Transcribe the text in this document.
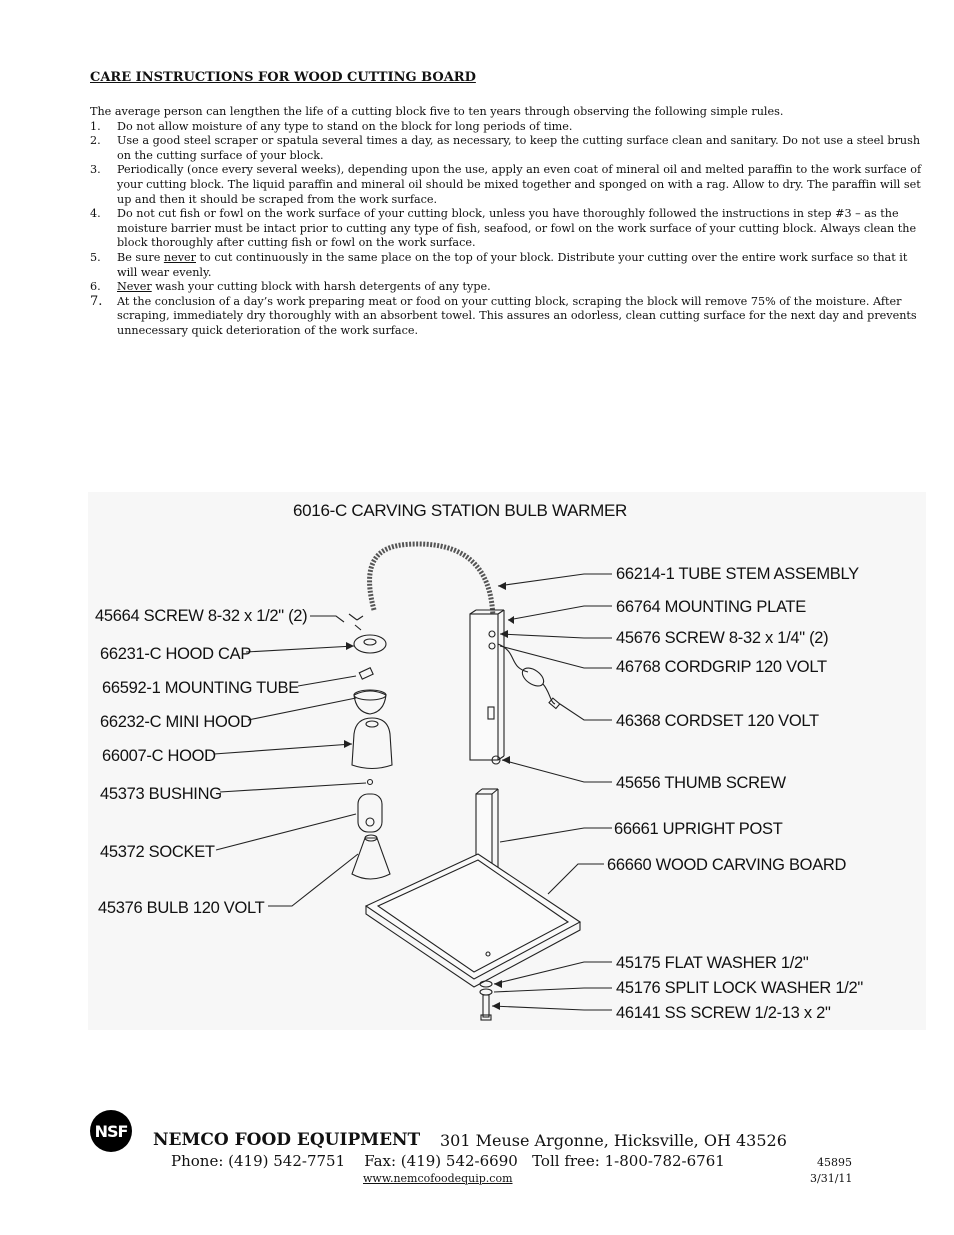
CARE INSTRUCTIONS FOR WOOD CUTTING BOARD

The average person can lengthen the life of a cutting block five to ten years through observing the following simple rules.

1.	Do not allow moisture of any type to stand on the block for long periods of time.
2.	Use a good steel scraper or spatula several times a day, as necessary, to keep the cutting surface clean and sanitary. Do not use a steel brush on the cutting surface of your block.
3.	Periodically (once every several weeks), depending upon the use, apply an even coat of mineral oil and melted paraffin to the work surface of your cutting block. The liquid paraffin and mineral oil should be mixed together and sponged on with a rag. Allow to dry. The paraffin will set up and then it should be scraped from the work surface.
4.	Do not cut fish or fowl on the work surface of your cutting block, unless you have thoroughly followed the instructions in step #3 – as the moisture barrier must be intact prior to cutting any type of fish, seafood, or fowl on the work surface of your cutting block. Always clean the block thoroughly after cutting fish or fowl on the work surface.
5.	Be sure never to cut continuously in the same place on the top of your block. Distribute your cutting over the entire work surface so that it will wear evenly.
6.	Never wash your cutting block with harsh detergents of any type.
7.	At the conclusion of a day’s work preparing meat or food on your cutting block, scraping the block will remove 75% of the moisture. After scraping, immediately dry thoroughly with an absorbent towel. This assures an odorless, clean cutting surface for the next day and prevents unnecessary quick deterioration of the work surface.
6016-C CARVING STATION BULB WARMER
45664 SCREW 8-32 x 1/2" (2)
66231-C HOOD CAP
66592-1 MOUNTING TUBE
66232-C MINI HOOD
66007-C HOOD
45373 BUSHING
45372 SOCKET
45376 BULB 120 VOLT
66214-1 TUBE STEM ASSEMBLY
66764 MOUNTING PLATE
45676 SCREW 8-32 x 1/4" (2)
46768 CORDGRIP 120 VOLT
46368 CORDSET 120 VOLT
45656 THUMB SCREW
66661 UPRIGHT POST
66660 WOOD CARVING BOARD
45175 FLAT WASHER 1/2"
45176 SPLIT LOCK WASHER 1/2"
46141 SS SCREW 1/2-13 x 2"
NSF NEMCO FOOD EQUIPMENT 301 Meuse Argonne, Hicksville, OH 43526
Phone: (419) 542-7751    Fax: (419) 542-6690   Toll free: 1-800-782-6761
www.nemcofoodequip.com
45895
3/31/11
